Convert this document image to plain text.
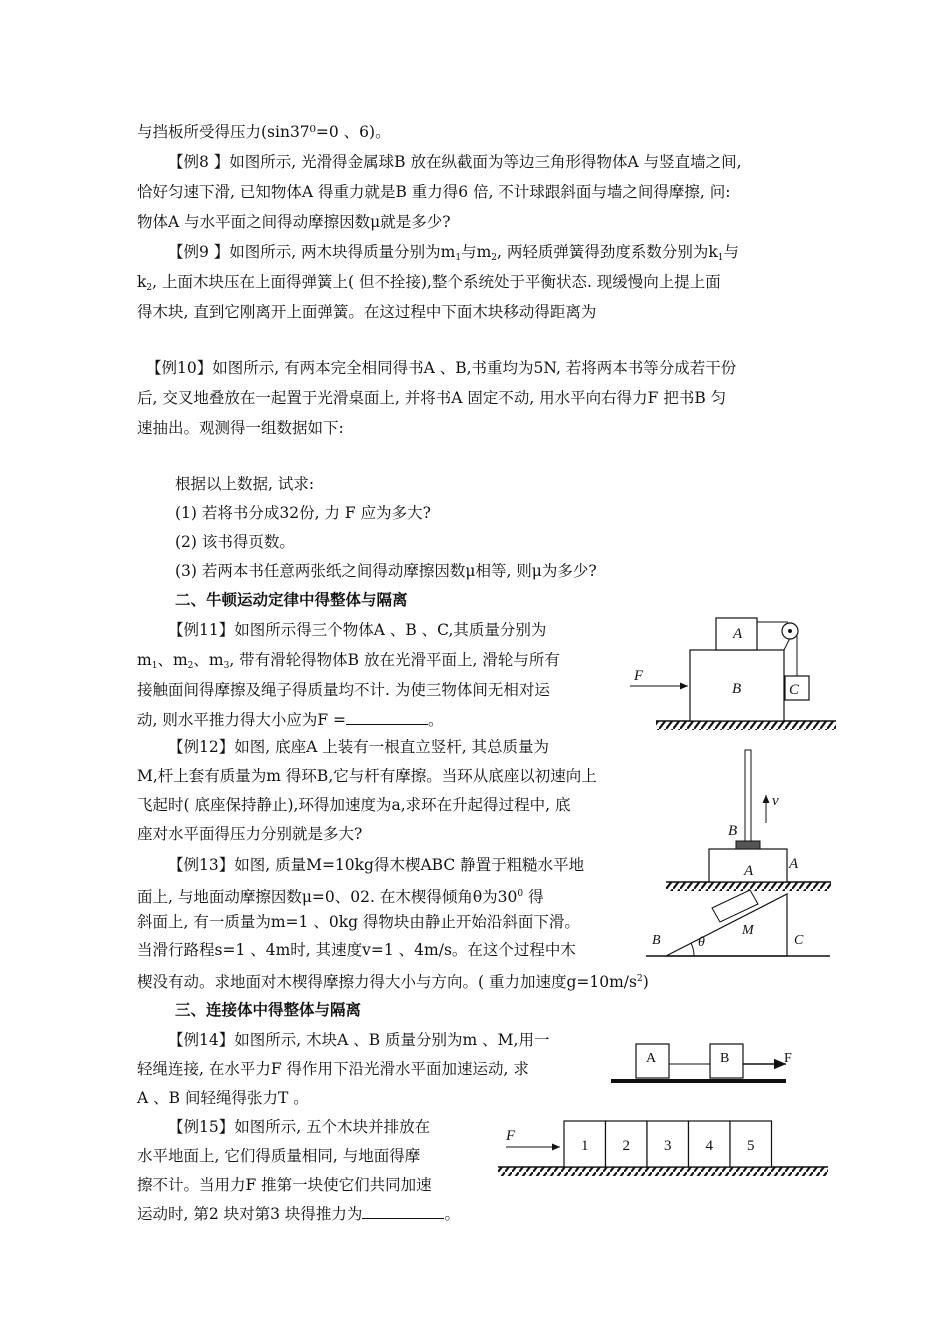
与挡板所受得压力(sin37⁰=0 、6)。
【例8 】如图所示, 光滑得金属球B 放在纵截面为等边三角形得物体A 与竖直墙之间,
恰好匀速下滑, 已知物体A 得重力就是B 重力得6 倍, 不计球跟斜面与墙之间得摩擦, 问:
物体A 与水平面之间得动摩擦因数μ就是多少?
【例9 】如图所示, 两木块得质量分别为$m_1$与$m_2$, 两轻质弹簧得劲度系数分别为$k_1$与
$k_2$, 上面木块压在上面得弹簧上( 但不拴接),整个系统处于平衡状态. 现缓慢向上提上面
得木块, 直到它刚离开上面弹簧。在这过程中下面木块移动得距离为
【例10】如图所示, 有两本完全相同得书A 、B,书重均为5N, 若将两本书等分成若干份
后, 交叉地叠放在一起置于光滑桌面上, 并将书A 固定不动, 用水平向右得力F 把书B 匀
速抽出。观测得一组数据如下:
根据以上数据, 试求:
(1) 若将书分成32份, 力 F 应为多大?
(2) 该书得页数。
(3) 若两本书任意两张纸之间得动摩擦因数μ相等, 则μ为多少?
二、牛顿运动定律中得整体与隔离
【例11】如图所示得三个物体A 、B 、C,其质量分别为
$m_1$、$m_2$、$m_3$, 带有滑轮得物体B 放在光滑平面上, 滑轮与所有
接触面间得摩擦及绳子得质量均不计. 为使三物体间无相对运
动, 则水平推力得大小应为F =	。
【例12】如图, 底座A 上装有一根直立竖杆, 其总质量为
M,杆上套有质量为m 得环B,它与杆有摩擦。当环从底座以初速向上
飞起时( 底座保持静止),环得加速度为a,求环在升起得过程中, 底
座对水平面得压力分别就是多大?
【例13】如图, 质量M=10kg得木楔ABC 静置于粗糙水平地
面上, 与地面动摩擦因数μ=0、02. 在木楔得倾角θ为$30^0$ 得
斜面上, 有一质量为m=1 、0kg 得物块由静止开始沿斜面下滑。
当滑行路程s=1 、4m时, 其速度v=1 、4m/s。在这个过程中木
楔没有动。求地面对木楔得摩擦力得大小与方向。( 重力加速度$g=10m/s^2$)
三、连接体中得整体与隔离
【例14】如图所示, 木块A 、B 质量分别为m 、M,用一
轻绳连接, 在水平力F 得作用下沿光滑水平面加速运动, 求
A 、B 间轻绳得张力T 。
【例15】如图所示, 五个木块并排放在
水平地面上, 它们得质量相同, 与地面得摩
擦不计。当用力F 推第一块使它们共同加速
运动时, 第2 块对第3 块得推力为	。
A
B	C
F
v
B
A A
θ
M
B	C
A	B	F
F
1 2 3 4 5
